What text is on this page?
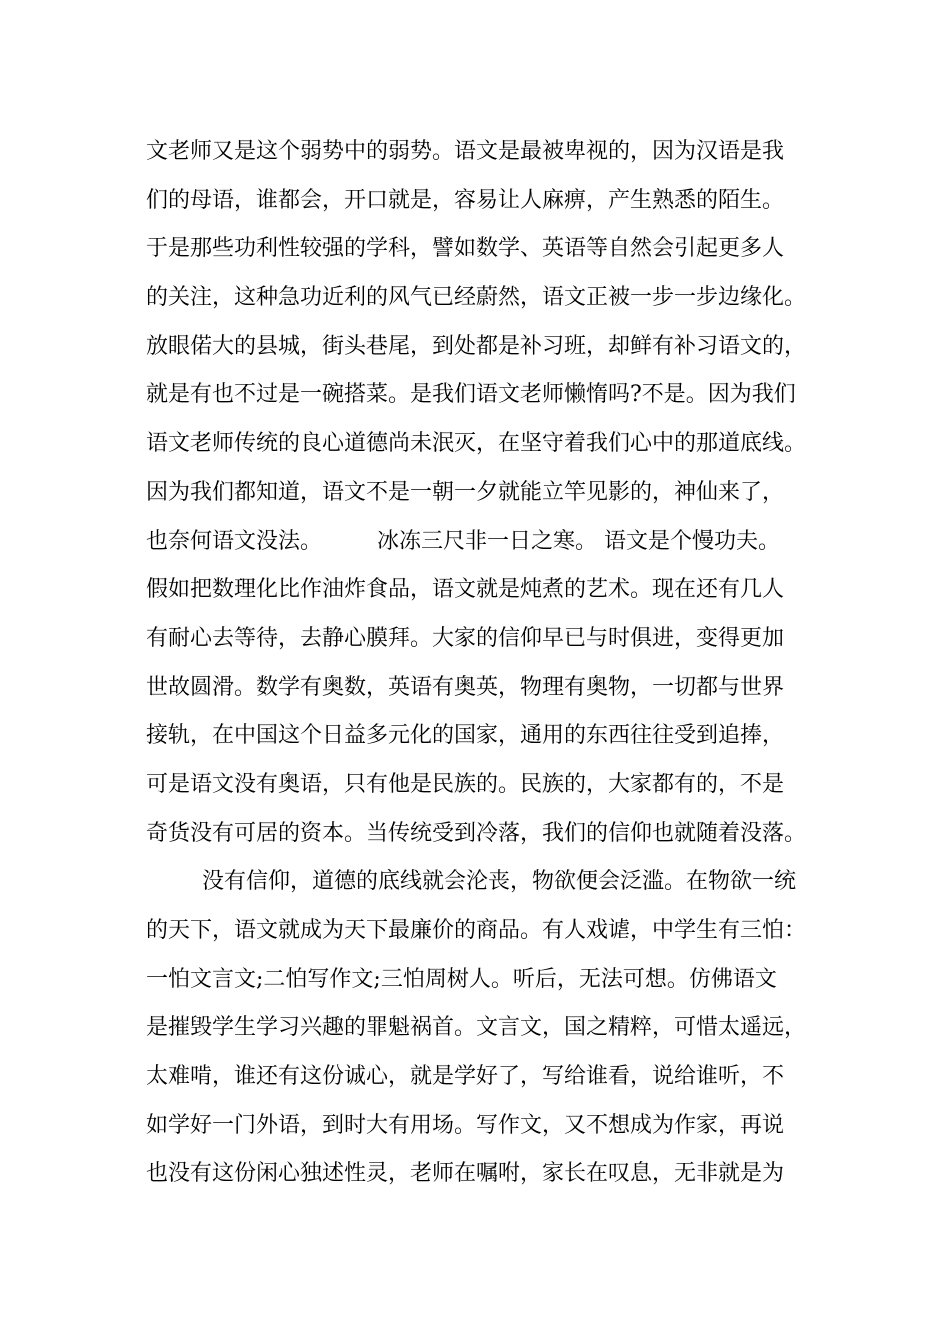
文老师又是这个弱势中的弱势。语文是最被卑视的，因为汉语是我
们的母语，谁都会，开口就是，容易让人麻痹，产生熟悉的陌生。
于是那些功利性较强的学科，譬如数学、英语等自然会引起更多人
的关注，这种急功近利的风气已经蔚然，语文正被一步一步边缘化。
放眼偌大的县城，街头巷尾，到处都是补习班，却鲜有补习语文的，
就是有也不过是一碗搭菜。是我们语文老师懒惰吗?不是。因为我们
语文老师传统的良心道德尚未泯灭，在坚守着我们心中的那道底线。
因为我们都知道，语文不是一朝一夕就能立竿见影的，神仙来了，
也奈何语文没法。　　　冰冻三尺非一日之寒。 语文是个慢功夫。
假如把数理化比作油炸食品，语文就是炖煮的艺术。现在还有几人
有耐心去等待，去静心膜拜。大家的信仰早已与时俱进，变得更加
世故圆滑。数学有奥数，英语有奥英，物理有奥物，一切都与世界
接轨，在中国这个日益多元化的国家，通用的东西往往受到追捧，
可是语文没有奥语，只有他是民族的。民族的，大家都有的，不是
奇货没有可居的资本。当传统受到冷落，我们的信仰也就随着没落。
没有信仰，道德的底线就会沦丧，物欲便会泛滥。在物欲一统
的天下，语文就成为天下最廉价的商品。有人戏谑，中学生有三怕：
一怕文言文;二怕写作文;三怕周树人。听后，无法可想。仿佛语文
是摧毁学生学习兴趣的罪魁祸首。文言文，国之精粹，可惜太遥远，
太难啃，谁还有这份诚心，就是学好了，写给谁看，说给谁听，不
如学好一门外语，到时大有用场。写作文，又不想成为作家，再说
也没有这份闲心独述性灵，老师在嘱咐，家长在叹息，无非就是为
